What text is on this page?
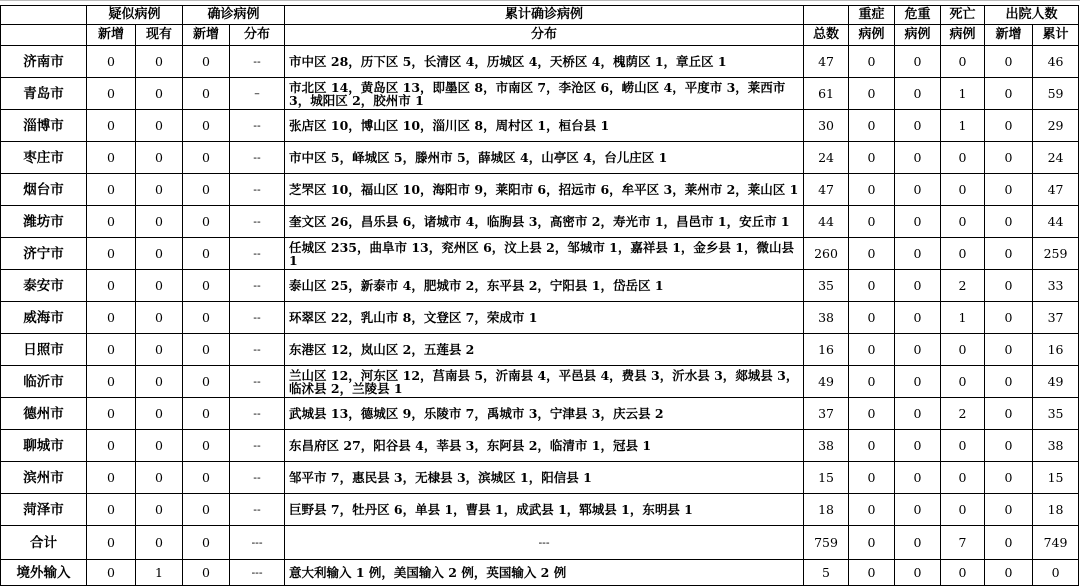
	疑似病例		确诊病例		累计确诊病例		重症	危重	死亡	出院人数	
	新增	现有	新增	分布	分布	总数	病例	病例	病例	新增	累计
济南市	0	0	0	--	市中区 28，历下区 5，长清区 4，历城区 4，天桥区 4，槐荫区 1，章丘区 1	47	0	0	0	0	46
青岛市	0	0	0	–	市北区 14，黄岛区 13，即墨区 8，市南区 7，李沧区 6，崂山区 4，平度市 3，莱西市 3，城阳区 2，胶州市 1	61	0	0	1	0	59
淄博市	0	0	0	--	张店区 10，博山区 10，淄川区 8，周村区 1，桓台县 1	30	0	0	1	0	29
枣庄市	0	0	0	--	市中区 5，峄城区 5，滕州市 5，薛城区 4，山亭区 4，台儿庄区 1	24	0	0	0	0	24
烟台市	0	0	0	--	芝罘区 10，福山区 10，海阳市 9，莱阳市 6，招远市 6，牟平区 3，莱州市 2，莱山区 1	47	0	0	0	0	47
潍坊市	0	0	0	--	奎文区 26，昌乐县 6，诸城市 4，临朐县 3，高密市 2，寿光市 1，昌邑市 1，安丘市 1	44	0	0	0	0	44
济宁市	0	0	0	--	任城区 235，曲阜市 13，兖州区 6，汶上县 2，邹城市 1，嘉祥县 1，金乡县 1，微山县 1	260	0	0	0	0	259
泰安市	0	0	0	--	泰山区 25，新泰市 4，肥城市 2，东平县 2，宁阳县 1，岱岳区 1	35	0	0	2	0	33
威海市	0	0	0	--	环翠区 22，乳山市 8，文登区 7，荣成市 1	38	0	0	1	0	37
日照市	0	0	0	--	东港区 12，岚山区 2，五莲县 2	16	0	0	0	0	16
临沂市	0	0	0	--	兰山区 12，河东区 12，莒南县 5，沂南县 4，平邑县 4，费县 3，沂水县 3，郯城县 3，临沭县 2，兰陵县 1	49	0	0	0	0	49
德州市	0	0	0	--	武城县 13，德城区 9，乐陵市 7，禹城市 3，宁津县 3，庆云县 2	37	0	0	2	0	35
聊城市	0	0	0	--	东昌府区 27，阳谷县 4，莘县 3，东阿县 2，临清市 1，冠县 1	38	0	0	0	0	38
滨州市	0	0	0	--	邹平市 7，惠民县 3，无棣县 3，滨城区 1，阳信县 1	15	0	0	0	0	15
菏泽市	0	0	0	--	巨野县 7，牡丹区 6，单县 1，曹县 1，成武县 1，郓城县 1，东明县 1	18	0	0	0	0	18
合计	0	0	0	---	---	759	0	0	7	0	749
境外输入	0	1	0	---	意大利输入 1 例，美国输入 2 例，英国输入 2 例	5	0	0	0	0	0
